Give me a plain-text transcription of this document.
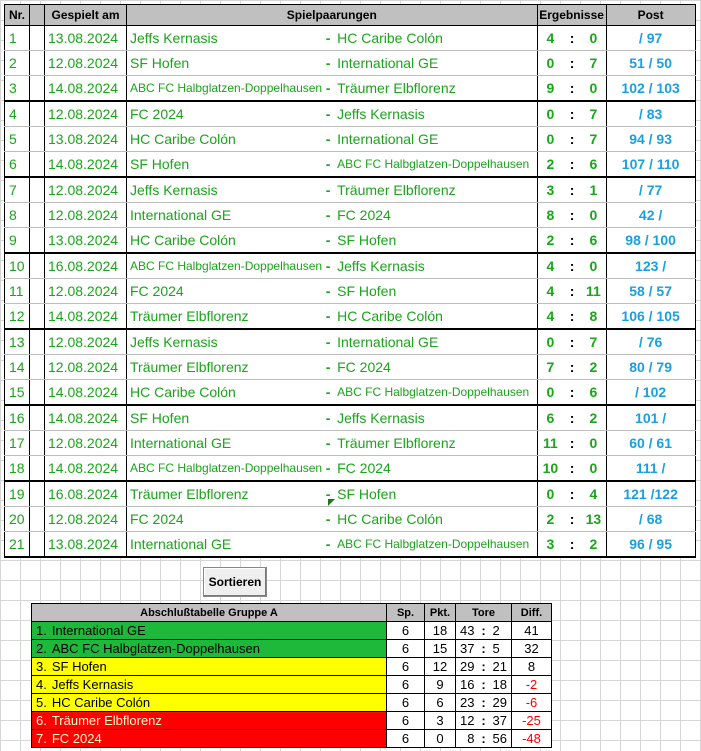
Nr.		Gespielt am	Spielpaarungen			Ergebnisse			Post
1		13.08.2024	Jeffs Kernasis	-	HC Caribe Colón	4	:	0	/ 97
2		12.08.2024	SF Hofen	-	International GE	0	:	7	51 / 50
3		14.08.2024	ABC FC Halbglatzen-Doppelhausen	-	Träumer Elbflorenz	9	:	0	102 / 103
4		12.08.2024	FC 2024	-	Jeffs Kernasis	0	:	7	/ 83
5		13.08.2024	HC Caribe Colón	-	International GE	0	:	7	94 / 93
6		14.08.2024	SF Hofen	-	ABC FC Halbglatzen-Doppelhausen	2	:	6	107 / 110
7		12.08.2024	Jeffs Kernasis	-	Träumer Elbflorenz	3	:	1	/ 77
8		12.08.2024	International GE	-	FC 2024	8	:	0	42 /
9		13.08.2024	HC Caribe Colón	-	SF Hofen	2	:	6	98 / 100
10		16.08.2024	ABC FC Halbglatzen-Doppelhausen	-	Jeffs Kernasis	4	:	0	123 /
11		12.08.2024	FC 2024	-	SF Hofen	4	:	11	58 / 57
12		14.08.2024	Träumer Elbflorenz	-	HC Caribe Colón	4	:	8	106 / 105
13		12.08.2024	Jeffs Kernasis	-	International GE	0	:	7	/ 76
14		12.08.2024	Träumer Elbflorenz	-	FC 2024	7	:	2	80 / 79
15		14.08.2024	HC Caribe Colón	-	ABC FC Halbglatzen-Doppelhausen	0	:	6	/ 102
16		14.08.2024	SF Hofen	-	Jeffs Kernasis	6	:	2	101 /
17		12.08.2024	International GE	-	Träumer Elbflorenz	11	:	0	60 / 61
18		14.08.2024	ABC FC Halbglatzen-Doppelhausen	-	FC 2024	10	:	0	111 /
19		16.08.2024	Träumer Elbflorenz	-	SF Hofen	0	:	4	121 /122
20		12.08.2024	FC 2024	-	HC Caribe Colón	2	:	13	/ 68
21		13.08.2024	International GE	-	ABC FC Halbglatzen-Doppelhausen	3	:	2	96 / 95
Sortieren
Abschlußtabelle Gruppe A	Sp.	Pkt.	Tore			Diff.
1. International GE	6	18	43	:	2	41
2. ABC FC Halbglatzen-Doppelhausen	6	15	37	:	5	32
3. SF Hofen	6	12	29	:	21	8
4. Jeffs Kernasis	6	9	16	:	18	-2
5. HC Caribe Colón	6	6	23	:	29	-6
6. Träumer Elbflorenz	6	3	12	:	37	-25
7. FC 2024	6	0	8	:	56	-48
